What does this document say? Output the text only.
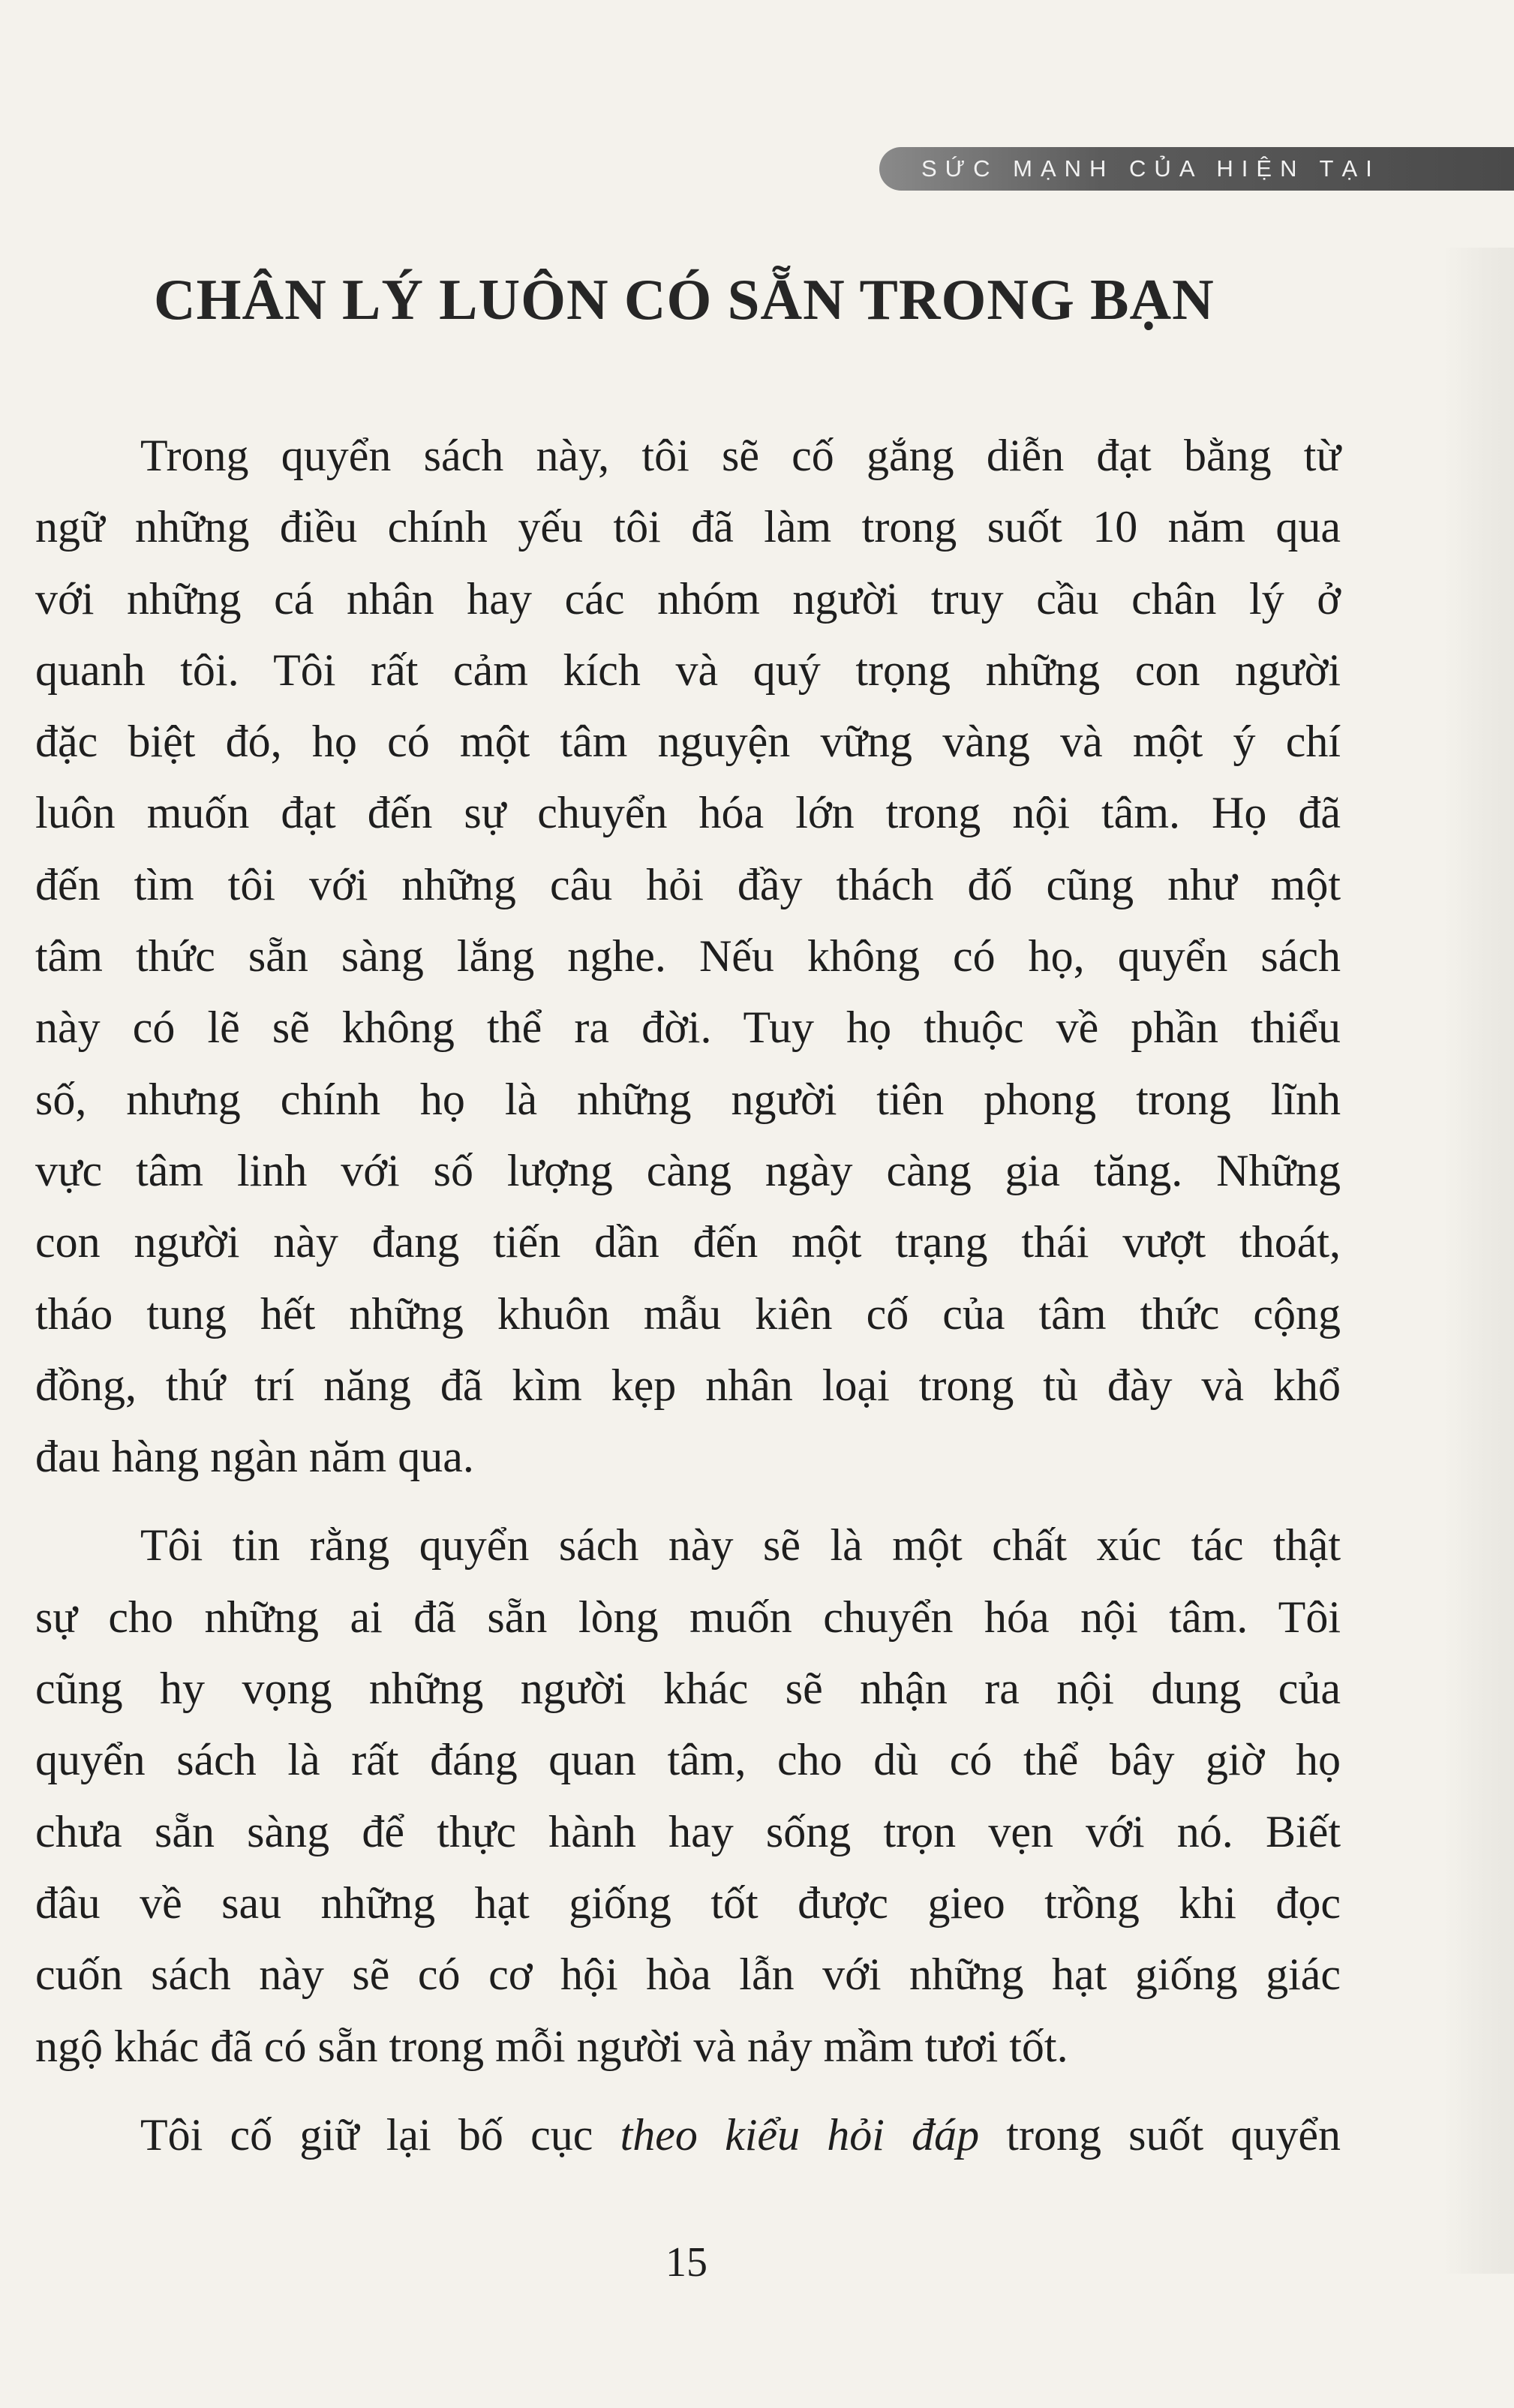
SỨC MẠNH CỦA HIỆN TẠI
CHÂN LÝ LUÔN CÓ SẴN TRONG BẠN

Trong quyển sách này, tôi sẽ cố gắng diễn đạt bằng từ
ngữ những điều chính yếu tôi đã làm trong suốt 10 năm qua
với những cá nhân hay các nhóm người truy cầu chân lý ở
quanh tôi. Tôi rất cảm kích và quý trọng những con người
đặc biệt đó, họ có một tâm nguyện vững vàng và một ý chí
luôn muốn đạt đến sự chuyển hóa lớn trong nội tâm. Họ đã
đến tìm tôi với những câu hỏi đầy thách đố cũng như một
tâm thức sẵn sàng lắng nghe. Nếu không có họ, quyển sách
này có lẽ sẽ không thể ra đời. Tuy họ thuộc về phần thiểu
số, nhưng chính họ là những người tiên phong trong lĩnh
vực tâm linh với số lượng càng ngày càng gia tăng. Những
con người này đang tiến dần đến một trạng thái vượt thoát,
tháo tung hết những khuôn mẫu kiên cố của tâm thức cộng
đồng, thứ trí năng đã kìm kẹp nhân loại trong tù đày và khổ
đau hàng ngàn năm qua.

Tôi tin rằng quyển sách này sẽ là một chất xúc tác thật
sự cho những ai đã sẵn lòng muốn chuyển hóa nội tâm. Tôi
cũng hy vọng những người khác sẽ nhận ra nội dung của
quyển sách là rất đáng quan tâm, cho dù có thể bây giờ họ
chưa sẵn sàng để thực hành hay sống trọn vẹn với nó. Biết
đâu về sau những hạt giống tốt được gieo trồng khi đọc
cuốn sách này sẽ có cơ hội hòa lẫn với những hạt giống giác
ngộ khác đã có sẵn trong mỗi người và nảy mầm tươi tốt.

Tôi cố giữ lại bố cục theo kiểu hỏi đáp trong suốt quyển

15
